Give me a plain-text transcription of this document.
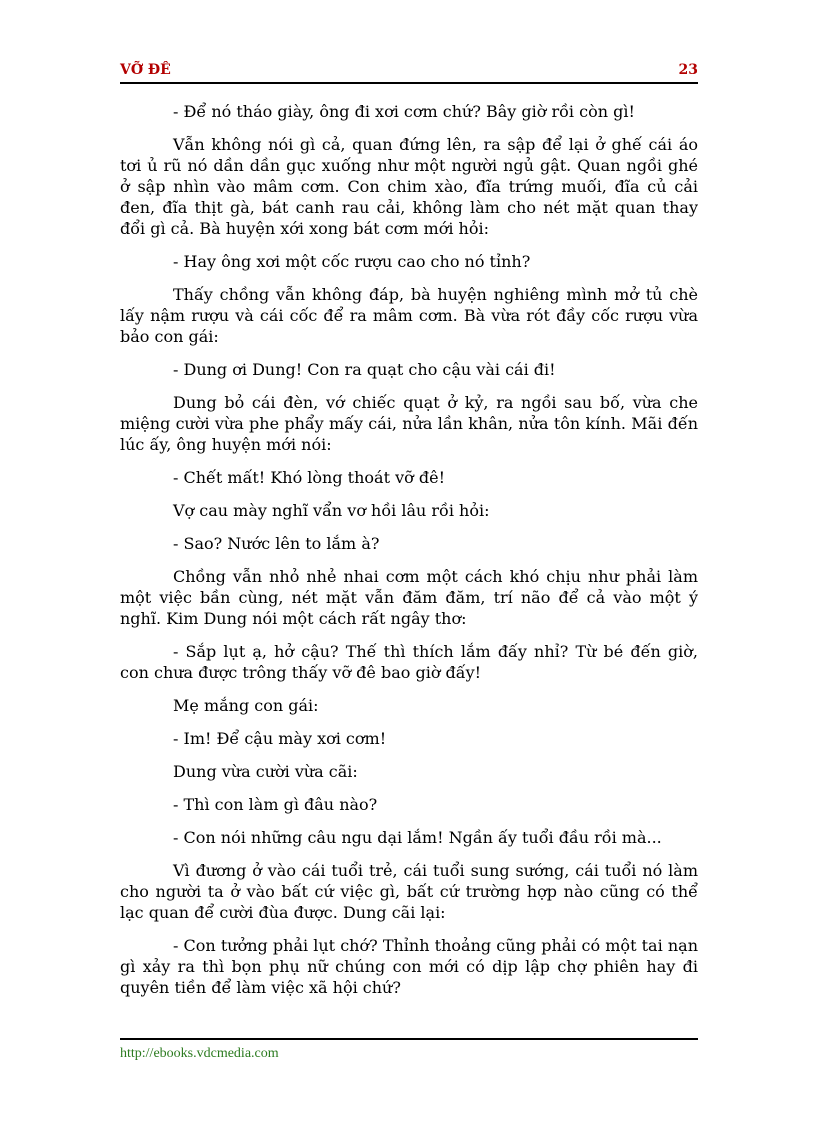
VỠ ĐÊ	23

- Để nó tháo giày, ông đi xơi cơm chứ? Bây giờ rồi còn gì!

Vẫn không nói gì cả, quan đứng lên, ra sập để lại ở ghế cái áo tơi ủ rũ nó dần dần gục xuống như một người ngủ gật. Quan ngồi ghé ở sập nhìn vào mâm cơm. Con chim xào, đĩa trứng muối, đĩa củ cải đen, đĩa thịt gà, bát canh rau cải, không làm cho nét mặt quan thay đổi gì cả. Bà huyện xới xong bát cơm mới hỏi:

- Hay ông xơi một cốc rượu cao cho nó tỉnh?

Thấy chồng vẫn không đáp, bà huyện nghiêng mình mở tủ chè lấy nậm rượu và cái cốc để ra mâm cơm. Bà vừa rót đầy cốc rượu vừa bảo con gái:

- Dung ơi Dung! Con ra quạt cho cậu vài cái đi!

Dung bỏ cái đèn, vớ chiếc quạt ở kỷ, ra ngồi sau bố, vừa che miệng cười vừa phe phẩy mấy cái, nửa lần khân, nửa tôn kính. Mãi đến lúc ấy, ông huyện mới nói:

- Chết mất! Khó lòng thoát vỡ đê!

Vợ cau mày nghĩ vẩn vơ hồi lâu rồi hỏi:

- Sao? Nước lên to lắm à?

Chồng vẫn nhỏ nhẻ nhai cơm một cách khó chịu như phải làm một việc bần cùng, nét mặt vẫn đăm đăm, trí não để cả vào một ý nghĩ. Kim Dung nói một cách rất ngây thơ:

- Sắp lụt ạ, hở cậu? Thế thì thích lắm đấy nhỉ? Từ bé đến giờ, con chưa được trông thấy vỡ đê bao giờ đấy!

Mẹ mắng con gái:

- Im! Để cậu mày xơi cơm!

Dung vừa cười vừa cãi:

- Thì con làm gì đâu nào?

- Con nói những câu ngu dại lắm! Ngần ấy tuổi đầu rồi mà...

Vì đương ở vào cái tuổi trẻ, cái tuổi sung sướng, cái tuổi nó làm cho người ta ở vào bất cứ việc gì, bất cứ trường hợp nào cũng có thể lạc quan để cười đùa được. Dung cãi lại:

- Con tưởng phải lụt chớ? Thỉnh thoảng cũng phải có một tai nạn gì xảy ra thì bọn phụ nữ chúng con mới có dịp lập chợ phiên hay đi quyên tiền để làm việc xã hội chứ?

http://ebooks.vdcmedia.com
